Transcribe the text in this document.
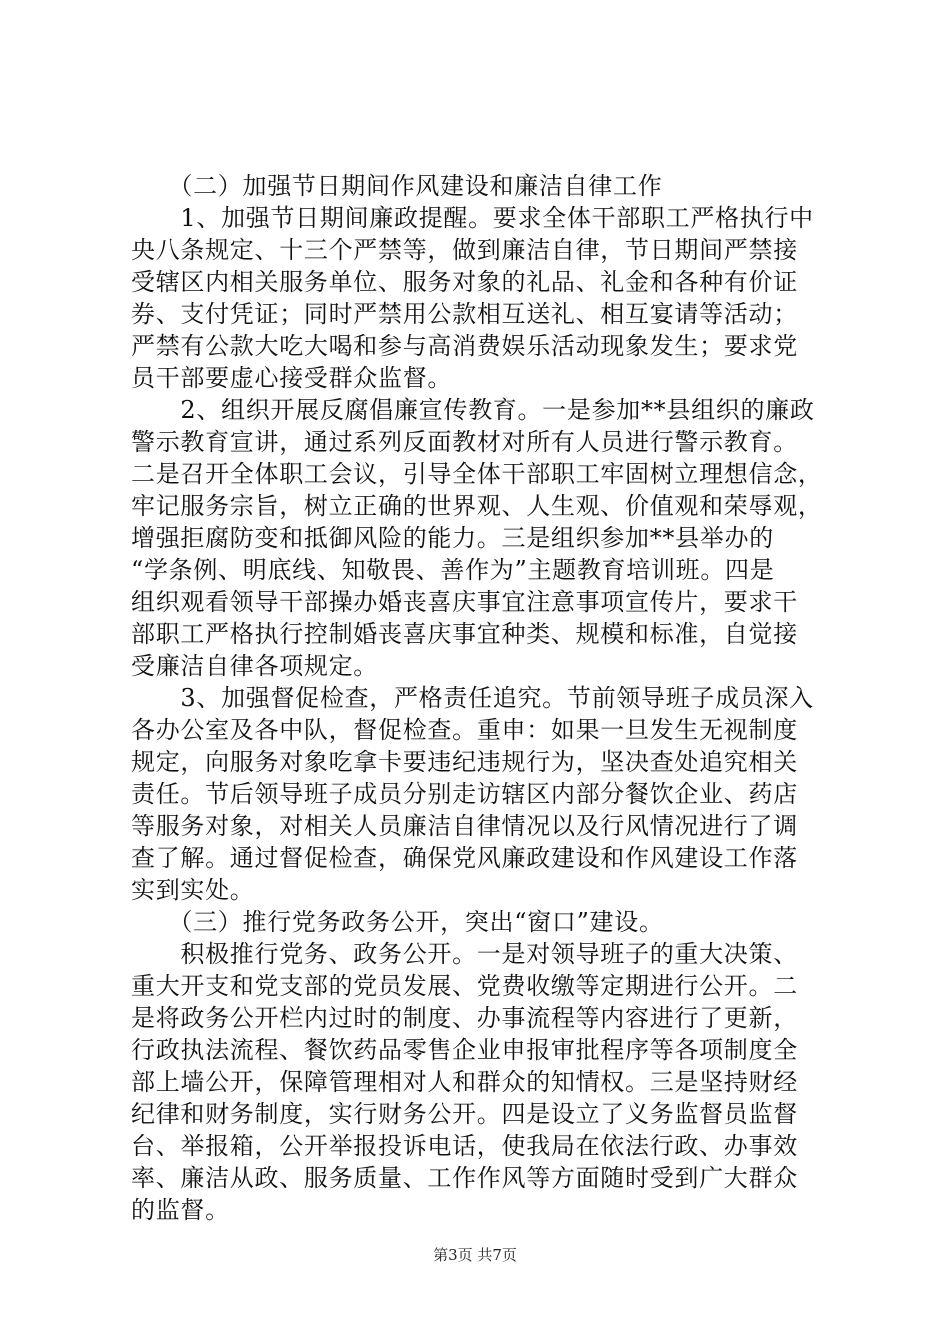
　　（二）加强节日期间作风建设和廉洁自律工作
　　1、加强节日期间廉政提醒。要求全体干部职工严格执行中
央八条规定、十三个严禁等，做到廉洁自律，节日期间严禁接
受辖区内相关服务单位、服务对象的礼品、礼金和各种有价证
券、支付凭证；同时严禁用公款相互送礼、相互宴请等活动；
严禁有公款大吃大喝和参与高消费娱乐活动现象发生；要求党
员干部要虚心接受群众监督。
　　2、组织开展反腐倡廉宣传教育。一是参加**县组织的廉政
警示教育宣讲，通过系列反面教材对所有人员进行警示教育。
二是召开全体职工会议，引导全体干部职工牢固树立理想信念，
牢记服务宗旨，树立正确的世界观、人生观、价值观和荣辱观，
增强拒腐防变和抵御风险的能力。三是组织参加**县举办的
“学条例、明底线、知敬畏、善作为”主题教育培训班。四是
组织观看领导干部操办婚丧喜庆事宜注意事项宣传片，要求干
部职工严格执行控制婚丧喜庆事宜种类、规模和标准，自觉接
受廉洁自律各项规定。
　　3、加强督促检查，严格责任追究。节前领导班子成员深入
各办公室及各中队，督促检查。重申：如果一旦发生无视制度
规定，向服务对象吃拿卡要违纪违规行为，坚决查处追究相关
责任。节后领导班子成员分别走访辖区内部分餐饮企业、药店
等服务对象，对相关人员廉洁自律情况以及行风情况进行了调
查了解。通过督促检查，确保党风廉政建设和作风建设工作落
实到实处。
　　（三）推行党务政务公开，突出“窗口”建设。
　　积极推行党务、政务公开。一是对领导班子的重大决策、
重大开支和党支部的党员发展、党费收缴等定期进行公开。二
是将政务公开栏内过时的制度、办事流程等内容进行了更新，
行政执法流程、餐饮药品零售企业申报审批程序等各项制度全
部上墙公开，保障管理相对人和群众的知情权。三是坚持财经
纪律和财务制度，实行财务公开。四是设立了义务监督员监督
台、举报箱，公开举报投诉电话，使我局在依法行政、办事效
率、廉洁从政、服务质量、工作作风等方面随时受到广大群众
的监督。
第3页 共7页
